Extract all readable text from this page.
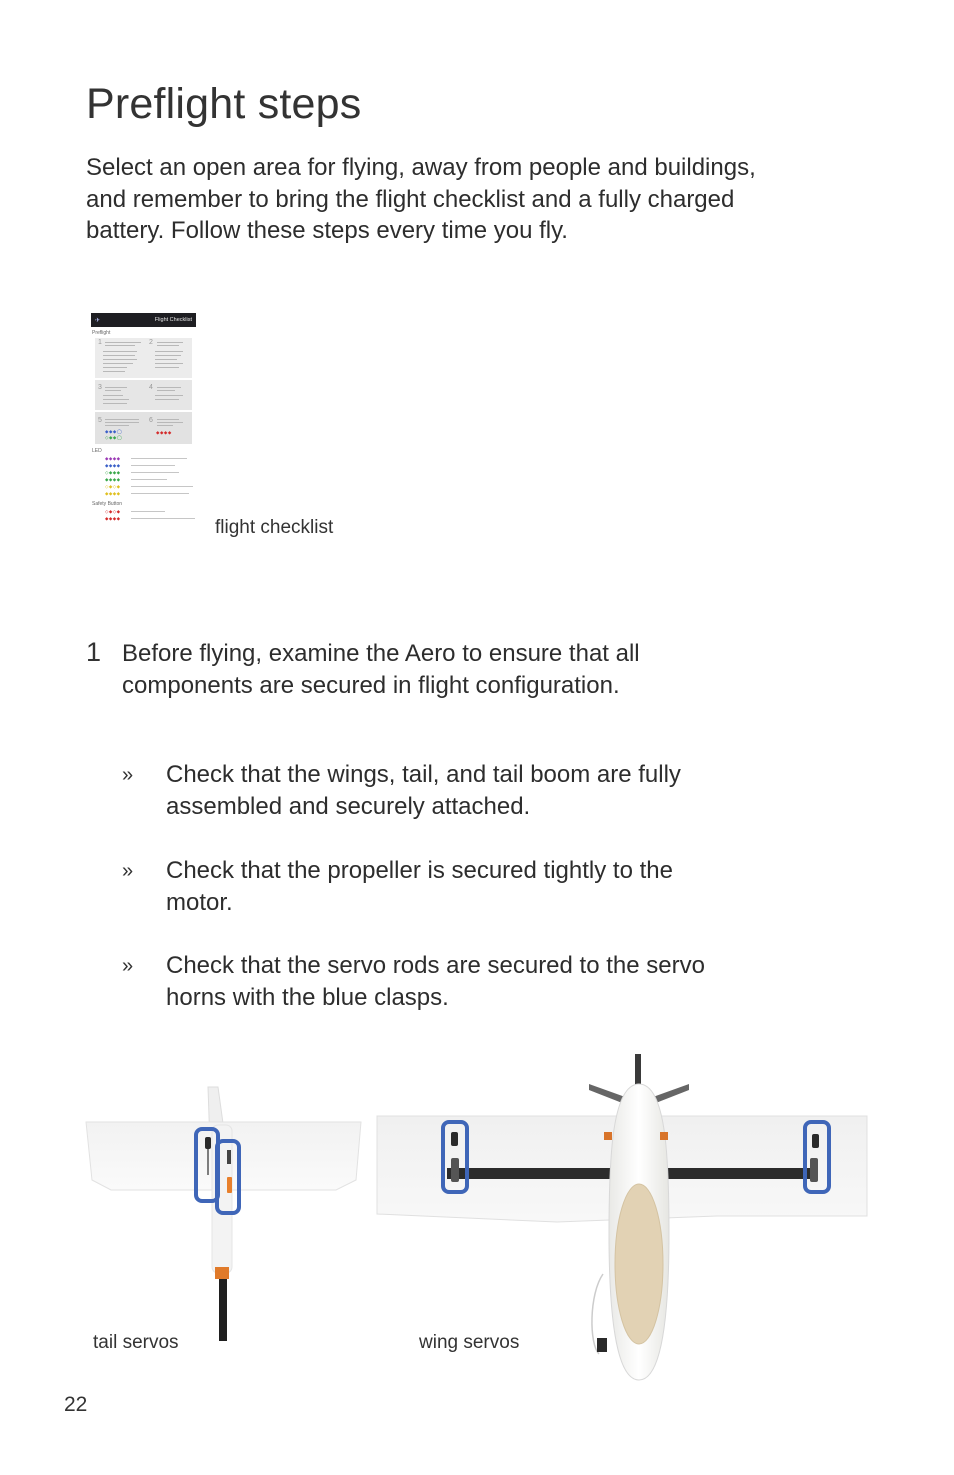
Preflight steps

Select an open area for flying, away from people and buildings, and remember to bring the flight checklist and a fully charged battery. Follow these steps every time you fly.

✈	Flight Checklist
Preflight
1	2
3	4
5	6
◆◆◆◯
◇◆◆◯
◆◆◆◆
LED
◆◆◆◆
◆◆◆◆
◇◆◆◆
◆◆◆◆
◇◆◇◆
◆◆◆◆
Safety Button
◇◆◇◆
◆◆◆◆	flight checklist
1 Before flying, examine the Aero to ensure that all components are secured in flight configuration.

» Check that the wings, tail, and tail boom are fully assembled and securely attached.

» Check that the propeller is secured tightly to the motor.

» Check that the servo rods are secured to the servo horns with the blue clasps.

tail servos	wing servos
22
